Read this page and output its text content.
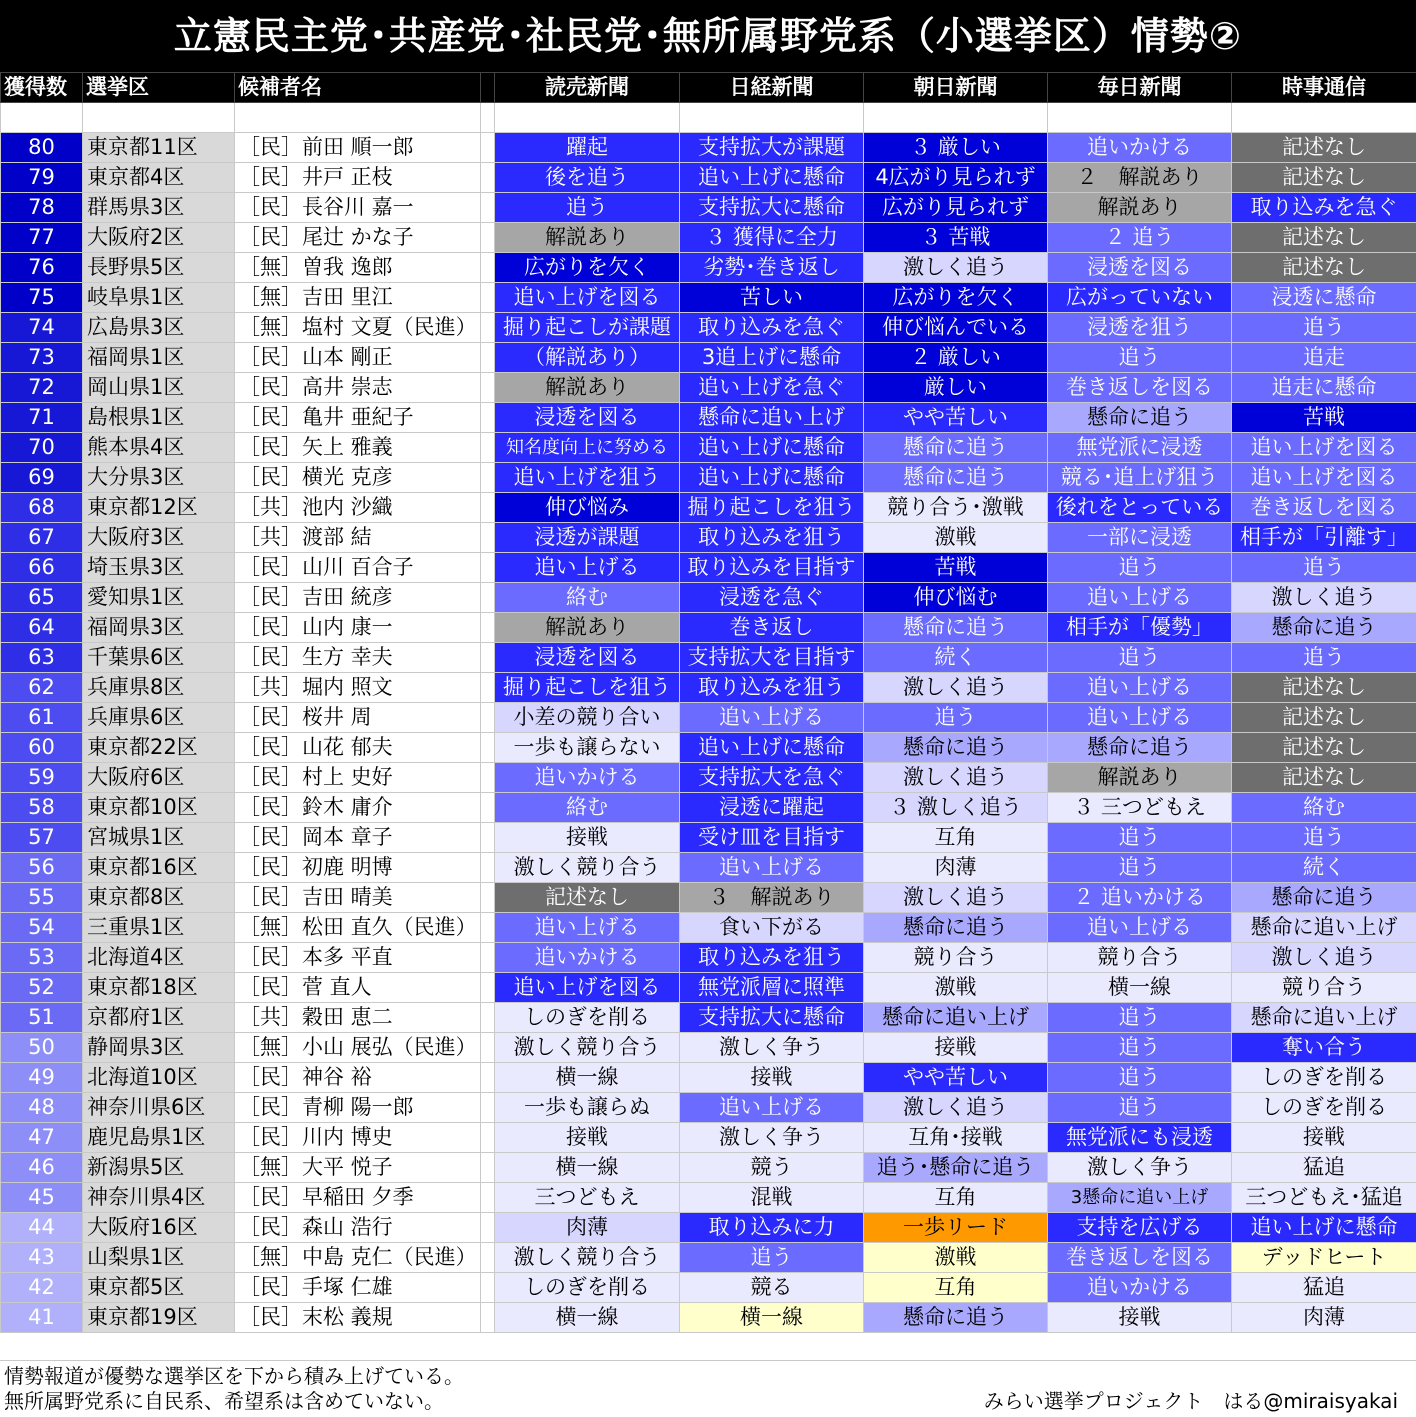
立憲民主党･共産党･社民党･無所属野党系（小選挙区）情勢②
獲得数	選挙区	候補者名		読売新聞	日経新聞	朝日新聞	毎日新聞	時事通信

80	東京都11区	［民］前田 順一郎		躍起	支持拡大が課題	３ 厳しい	追いかける	記述なし
79	東京都4区	［民］井戸 正枝		後を追う	追い上げに懸命	4広がり見られず	２　解説あり	記述なし
78	群馬県3区	［民］長谷川 嘉一		追う	支持拡大に懸命	広がり見られず	解説あり	取り込みを急ぐ
77	大阪府2区	［民］尾辻 かな子		解説あり	３ 獲得に全力	３ 苦戦	２ 追う	記述なし
76	長野県5区	［無］曽我 逸郎		広がりを欠く	劣勢･巻き返し	激しく追う	浸透を図る	記述なし
75	岐阜県1区	［無］吉田 里江		追い上げを図る	苦しい	広がりを欠く	広がっていない	浸透に懸命
74	広島県3区	［無］塩村 文夏（民進）		掘り起こしが課題	取り込みを急ぐ	伸び悩んでいる	浸透を狙う	追う
73	福岡県1区	［民］山本 剛正		（解説あり）	3追上げに懸命	２ 厳しい	追う	追走
72	岡山県1区	［民］高井 崇志		解説あり	追い上げを急ぐ	厳しい	巻き返しを図る	追走に懸命
71	島根県1区	［民］亀井 亜紀子		浸透を図る	懸命に追い上げ	やや苦しい	懸命に追う	苦戦
70	熊本県4区	［民］矢上 雅義		知名度向上に努める	追い上げに懸命	懸命に追う	無党派に浸透	追い上げを図る
69	大分県3区	［民］横光 克彦		追い上げを狙う	追い上げに懸命	懸命に追う	競る･追上げ狙う	追い上げを図る
68	東京都12区	［共］池内 沙織		伸び悩み	掘り起こしを狙う	競り合う･激戦	後れをとっている	巻き返しを図る
67	大阪府3区	［共］渡部 結		浸透が課題	取り込みを狙う	激戦	一部に浸透	相手が「引離す」
66	埼玉県3区	［民］山川 百合子		追い上げる	取り込みを目指す	苦戦	追う	追う
65	愛知県1区	［民］吉田 統彦		絡む	浸透を急ぐ	伸び悩む	追い上げる	激しく追う
64	福岡県3区	［民］山内 康一		解説あり	巻き返し	懸命に追う	相手が「優勢」	懸命に追う
63	千葉県6区	［民］生方 幸夫		浸透を図る	支持拡大を目指す	続く	追う	追う
62	兵庫県8区	［共］堀内 照文		掘り起こしを狙う	取り込みを狙う	激しく追う	追い上げる	記述なし
61	兵庫県6区	［民］桜井 周		小差の競り合い	追い上げる	追う	追い上げる	記述なし
60	東京都22区	［民］山花 郁夫		一歩も譲らない	追い上げに懸命	懸命に追う	懸命に追う	記述なし
59	大阪府6区	［民］村上 史好		追いかける	支持拡大を急ぐ	激しく追う	解説あり	記述なし
58	東京都10区	［民］鈴木 庸介		絡む	浸透に躍起	３ 激しく追う	３ 三つどもえ	絡む
57	宮城県1区	［民］岡本 章子		接戦	受け皿を目指す	互角	追う	追う
56	東京都16区	［民］初鹿 明博		激しく競り合う	追い上げる	肉薄	追う	続く
55	東京都8区	［民］吉田 晴美		記述なし	３　解説あり	激しく追う	２ 追いかける	懸命に追う
54	三重県1区	［無］松田 直久（民進）		追い上げる	食い下がる	懸命に追う	追い上げる	懸命に追い上げ
53	北海道4区	［民］本多 平直		追いかける	取り込みを狙う	競り合う	競り合う	激しく追う
52	東京都18区	［民］菅 直人		追い上げを図る	無党派層に照準	激戦	横一線	競り合う
51	京都府1区	［共］穀田 恵二		しのぎを削る	支持拡大に懸命	懸命に追い上げ	追う	懸命に追い上げ
50	静岡県3区	［無］小山 展弘（民進）		激しく競り合う	激しく争う	接戦	追う	奪い合う
49	北海道10区	［民］神谷 裕		横一線	接戦	やや苦しい	追う	しのぎを削る
48	神奈川県6区	［民］青柳 陽一郎		一歩も譲らぬ	追い上げる	激しく追う	追う	しのぎを削る
47	鹿児島県1区	［民］川内 博史		接戦	激しく争う	互角･接戦	無党派にも浸透	接戦
46	新潟県5区	［無］大平 悦子		横一線	競う	追う･懸命に追う	激しく争う	猛追
45	神奈川県4区	［民］早稲田 夕季		三つどもえ	混戦	互角	3懸命に追い上げ	三つどもえ･猛追
44	大阪府16区	［民］森山 浩行		肉薄	取り込みに力	一歩リード	支持を広げる	追い上げに懸命
43	山梨県1区	［無］中島 克仁（民進）		激しく競り合う	追う	激戦	巻き返しを図る	デッドヒート
42	東京都5区	［民］手塚 仁雄		しのぎを削る	競る	互角	追いかける	猛追
41	東京都19区	［民］末松 義規		横一線	横一線	懸命に追う	接戦	肉薄
情勢報道が優勢な選挙区を下から積み上げている。
無所属野党系に自民系、希望系は含めていない。	みらい選挙プロジェクト　はる@miraisyakai
